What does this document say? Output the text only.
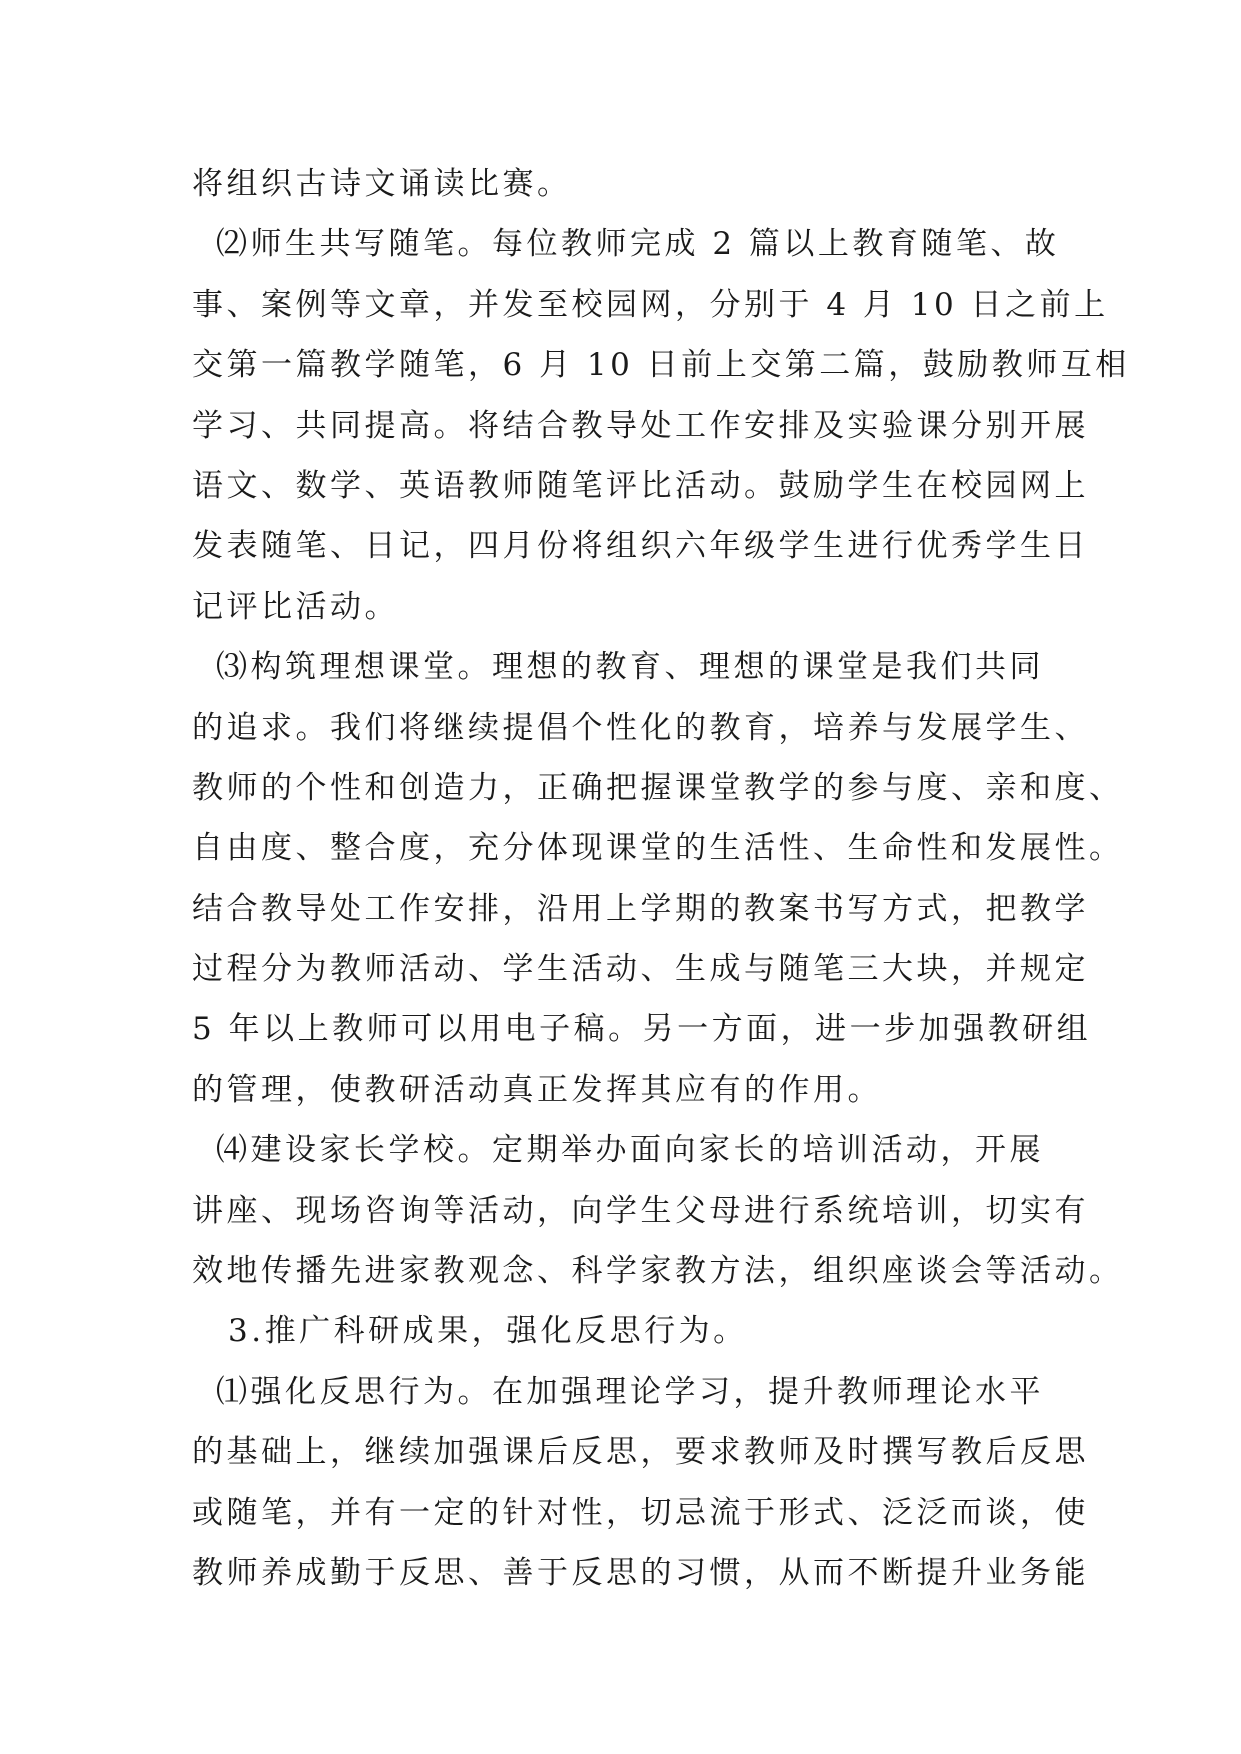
将组织古诗文诵读比赛。
⑵师生共写随笔。每位教师完成 2 篇以上教育随笔、故
事、案例等文章，并发至校园网，分别于 4 月 10 日之前上
交第一篇教学随笔，6 月 10 日前上交第二篇，鼓励教师互相
学习、共同提高。将结合教导处工作安排及实验课分别开展
语文、数学、英语教师随笔评比活动。鼓励学生在校园网上
发表随笔、日记，四月份将组织六年级学生进行优秀学生日
记评比活动。
⑶构筑理想课堂。理想的教育、理想的课堂是我们共同
的追求。我们将继续提倡个性化的教育，培养与发展学生、
教师的个性和创造力，正确把握课堂教学的参与度、亲和度、
自由度、整合度，充分体现课堂的生活性、生命性和发展性。
结合教导处工作安排，沿用上学期的教案书写方式，把教学
过程分为教师活动、学生活动、生成与随笔三大块，并规定
5 年以上教师可以用电子稿。另一方面，进一步加强教研组
的管理，使教研活动真正发挥其应有的作用。
⑷建设家长学校。定期举办面向家长的培训活动，开展
讲座、现场咨询等活动，向学生父母进行系统培训，切实有
效地传播先进家教观念、科学家教方法，组织座谈会等活动。
3.推广科研成果，强化反思行为。
⑴强化反思行为。在加强理论学习，提升教师理论水平
的基础上，继续加强课后反思，要求教师及时撰写教后反思
或随笔，并有一定的针对性，切忌流于形式、泛泛而谈，使
教师养成勤于反思、善于反思的习惯，从而不断提升业务能
